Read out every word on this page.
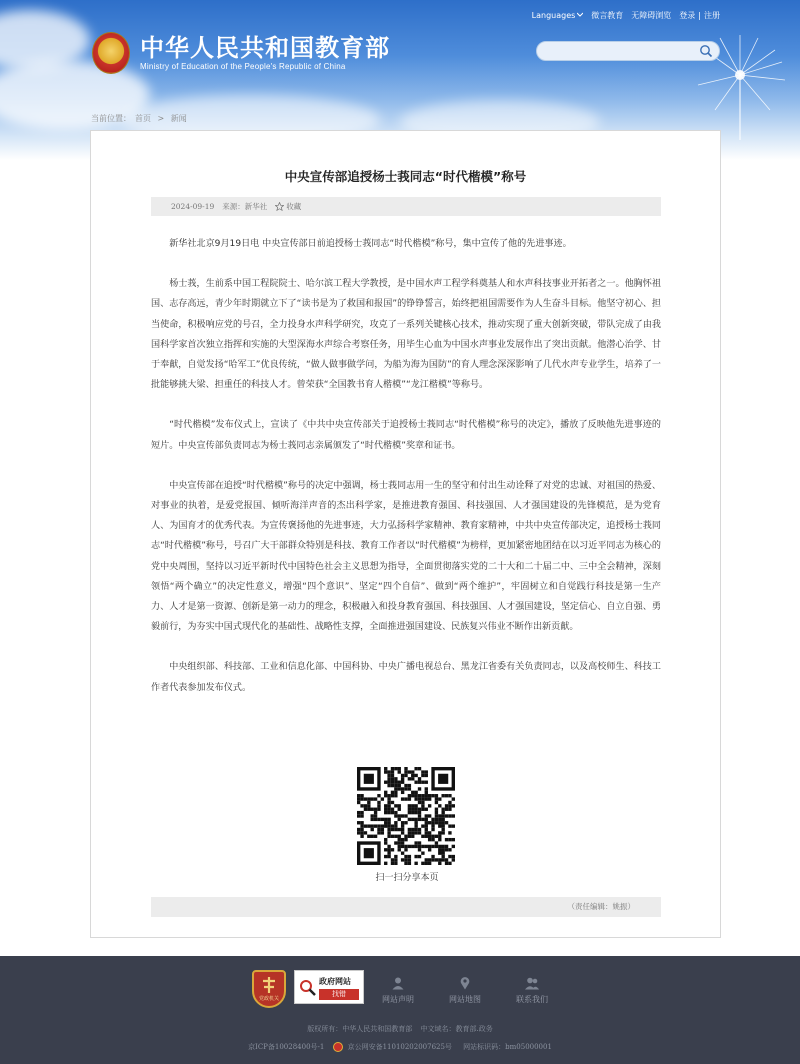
Languages 微言教育 无障碍浏览 登录 | 注册
中华人民共和国教育部
Ministry of Education of the People's Republic of China
当前位置： 首页 > 新闻
中央宣传部追授杨士莪同志“时代楷模”称号
2024-09-19 来源：新华社	收藏

新华社北京9月19日电 中央宣传部日前追授杨士莪同志“时代楷模”称号，集中宣传了他的先进事迹。

杨士莪，生前系中国工程院院士、哈尔滨工程大学教授，是中国水声工程学科奠基人和水声科技事业开拓者之一。他胸怀祖国、志存高远，青少年时期就立下了“读书是为了救国和报国”的铮铮誓言，始终把祖国需要作为人生奋斗目标。他坚守初心、担当使命，积极响应党的号召，全力投身水声科学研究，攻克了一系列关键核心技术，推动实现了重大创新突破，带队完成了由我国科学家首次独立指挥和实施的大型深海水声综合考察任务，用毕生心血为中国水声事业发展作出了突出贡献。他潜心治学、甘于奉献，自觉发扬“哈军工”优良传统，“做人做事做学问，为船为海为国防”的育人理念深深影响了几代水声专业学生，培养了一批能够挑大梁、担重任的科技人才。曾荣获“全国教书育人楷模”“龙江楷模”等称号。

“时代楷模”发布仪式上，宣读了《中共中央宣传部关于追授杨士莪同志“时代楷模”称号的决定》，播放了反映他先进事迹的短片。中央宣传部负责同志为杨士莪同志亲属颁发了“时代楷模”奖章和证书。

中央宣传部在追授“时代楷模”称号的决定中强调，杨士莪同志用一生的坚守和付出生动诠释了对党的忠诚、对祖国的热爱、对事业的执着，是爱党报国、倾听海洋声音的杰出科学家，是推进教育强国、科技强国、人才强国建设的先锋模范，是为党育人、为国育才的优秀代表。为宣传褒扬他的先进事迹，大力弘扬科学家精神、教育家精神，中共中央宣传部决定，追授杨士莪同志“时代楷模”称号，号召广大干部群众特别是科技、教育工作者以“时代楷模”为榜样，更加紧密地团结在以习近平同志为核心的党中央周围，坚持以习近平新时代中国特色社会主义思想为指导，全面贯彻落实党的二十大和二十届二中、三中全会精神，深刻领悟“两个确立”的决定性意义，增强“四个意识”、坚定“四个自信”、做到“两个维护”，牢固树立和自觉践行科技是第一生产力、人才是第一资源、创新是第一动力的理念，积极融入和投身教育强国、科技强国、人才强国建设，坚定信心、自立自强、勇毅前行，为夯实中国式现代化的基础性、战略性支撑，全面推进强国建设、民族复兴伟业不断作出新贡献。

中央组织部、科技部、工业和信息化部、中国科协、中央广播电视总台、黑龙江省委有关负责同志，以及高校师生、科技工作者代表参加发布仪式。

扫一扫分享本页
（责任编辑：姚振）
党政机关
政府网站
找错
网站声明	网站地图	联系我们
版权所有：中华人民共和国教育部 中文域名：教育部.政务
京ICP备10028400号-1	京公网安备11010202007625号 网站标识码：bm05000001
